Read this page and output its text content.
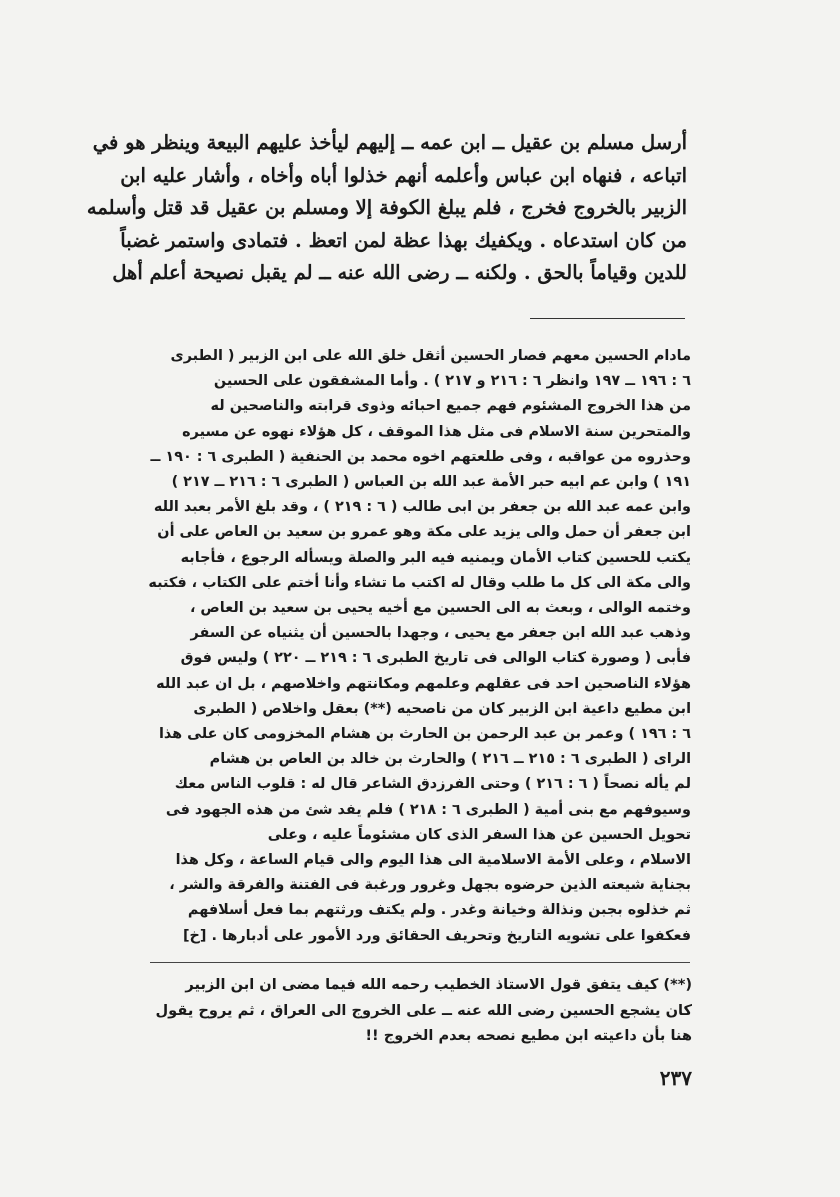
أرسل مسلم بن عقيل ــ ابن عمه ــ إليهم ليأخذ عليهم البيعة وينظر هو في
اتباعه ، فنهاه ابن عباس وأعلمه أنهم خذلوا أباه وأخاه ، وأشار عليه ابن
الزبير بالخروج فخرج ، فلم يبلغ الكوفة إلا ومسلم بن عقيل قد قتل وأسلمه
من كان استدعاه . ويكفيك بهذا عظة لمن اتعظ . فتمادى واستمر غضباً
للدين وقياماً بالحق . ولكنه ــ رضى الله عنه ــ لم يقبل نصيحة أعلم أهل
مادام الحسين معهم فصار الحسين أثقل خلق الله على ابن الزبير ( الطبرى
٦ : ١٩٦ ــ ١٩٧ وانظر ٦ : ٢١٦ و ٢١٧ ) . وأما المشفقون على الحسين
من هذا الخروج المشئوم فهم جميع احبائه وذوى قرابته والناصحين له
والمتحرين سنة الاسلام فى مثل هذا الموقف ، كل هؤلاء نهوه عن مسيره
وحذروه من عواقبه ، وفى طلعتهم اخوه محمد بن الحنفية ( الطبرى ٦ : ١٩٠ ــ
١٩١ ) وابن عم ابيه حبر الأمة عبد الله بن العباس ( الطبرى ٦ : ٢١٦ ــ ٢١٧ )
وابن عمه عبد الله بن جعفر بن ابى طالب ( ٦ : ٢١٩ ) ، وقد بلغ الأمر بعبد الله
ابن جعفر أن حمل والى يزيد على مكة وهو عمرو بن سعيد بن العاص على أن
يكتب للحسين كتاب الأمان ويمنيه فيه البر والصلة ويسأله الرجوع ، فأجابه
والى مكة الى كل ما طلب وقال له اكتب ما تشاء وأنا أختم على الكتاب ، فكتبه
وختمه الوالى ، وبعث به الى الحسين مع أخيه يحيى بن سعيد بن العاص ،
وذهب عبد الله ابن جعفر مع يحيى ، وجهدا بالحسين أن يثنياه عن السفر
فأبى ( وصورة كتاب الوالى فى تاريخ الطبرى ٦ : ٢١٩ ــ ٢٢٠ ) وليس فوق
هؤلاء الناصحين احد فى عقلهم وعلمهم ومكانتهم واخلاصهم ، بل ان عبد الله
ابن مطيع داعية ابن الزبير كان من ناصحيه (**) بعقل واخلاص ( الطبرى
٦ : ١٩٦ ) وعمر بن عبد الرحمن بن الحارث بن هشام المخزومى كان على هذا
الراى ( الطبرى ٦ : ٢١٥ ــ ٢١٦ ) والحارث بن خالد بن العاص بن هشام
لم يأله نصحاً ( ٦ : ٢١٦ ) وحتى الفرزدق الشاعر قال له : قلوب الناس معك
وسيوفهم مع بنى أمية ( الطبرى ٦ : ٢١٨ ) فلم يفد شئ من هذه الجهود فى
تحويل الحسين عن هذا السفر الذى كان مشئوماً عليه ، وعلى
الاسلام ، وعلى الأمة الاسلامية الى هذا اليوم والى قيام الساعة ، وكل هذا
بجناية شيعته الذين حرضوه بجهل وغرور ورغبة فى الفتنة والفرقة والشر ،
ثم خذلوه بجبن ونذالة وخيانة وغدر . ولم يكتف ورثتهم بما فعل أسلافهم
فعكفوا على تشويه التاريخ وتحريف الحقائق ورد الأمور على أدبارها . [خ]
(**) كيف يتفق قول الاستاذ الخطيب رحمه الله فيما مضى ان ابن الزبير
كان يشجع الحسين رضى الله عنه ــ على الخروج الى العراق ، ثم يروح يقول
هنا بأن داعيته ابن مطيع نصحه بعدم الخروج !!
٢٣٧
